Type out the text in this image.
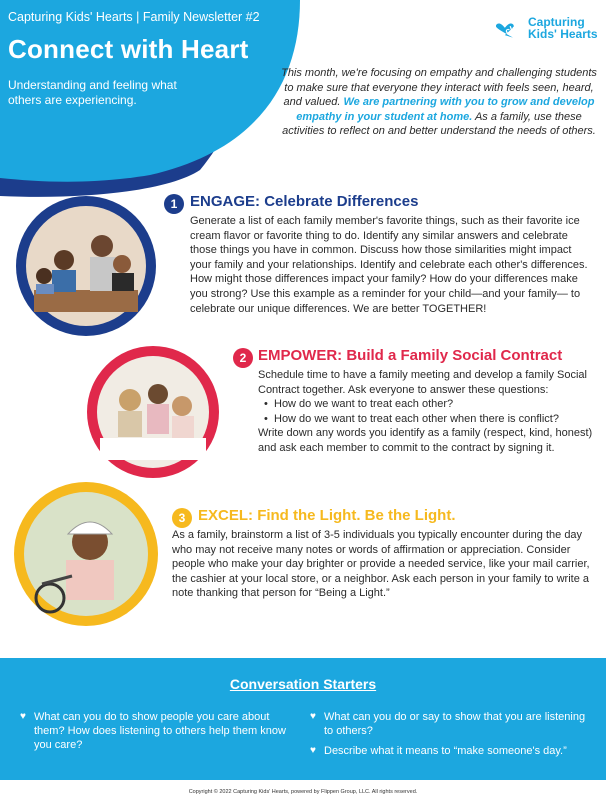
Capturing Kids' Hearts | Family Newsletter #2
Connect with Heart
Understanding and feeling what others are experiencing.
ckh Capturing
Kids' Hearts
This month, we're focusing on empathy and challenging students to make sure that everyone they interact with feels seen, heard, and valued. We are partnering with you to grow and develop empathy in your student at home. As a family, use these activities to reflect on and better understand the needs of others.
1 ENGAGE: Celebrate Differences
Generate a list of each family member's favorite things, such as their favorite ice cream flavor or favorite thing to do. Identify any similar answers and celebrate those things you have in common. Discuss how those similarities might impact your family and your relationships. Identify and celebrate each other's differences. How might those differences impact your family? How do your differences make you strong? Use this example as a reminder for your child—and your family— to celebrate our unique differences. We are better TOGETHER!
2 EMPOWER: Build a Family Social Contract
Schedule time to have a family meeting and develop a family Social Contract together. Ask everyone to answer these questions:
• How do we want to treat each other?
• How do we want to treat each other when there is conflict?
Write down any words you identify as a family (respect, kind, honest) and ask each member to commit to the contract by signing it.
3 EXCEL: Find the Light. Be the Light.
As a family, brainstorm a list of 3-5 individuals you typically encounter during the day who may not receive many notes or words of affirmation or appreciation. Consider people who make your day brighter or provide a needed service, like your mail carrier, the cashier at your local store, or a neighbor. Ask each person in your family to write a note thanking that person for “Being a Light.”
Conversation Starters
♥ What can you do to show people you care about them? How does listening to others help them know you care?
♥ What can you do or say to show that you are listening to others?
♥ Describe what it means to “make someone's day.”
Copyright © 2022 Capturing Kids' Hearts, powered by Flippen Group, LLC. All rights reserved.
